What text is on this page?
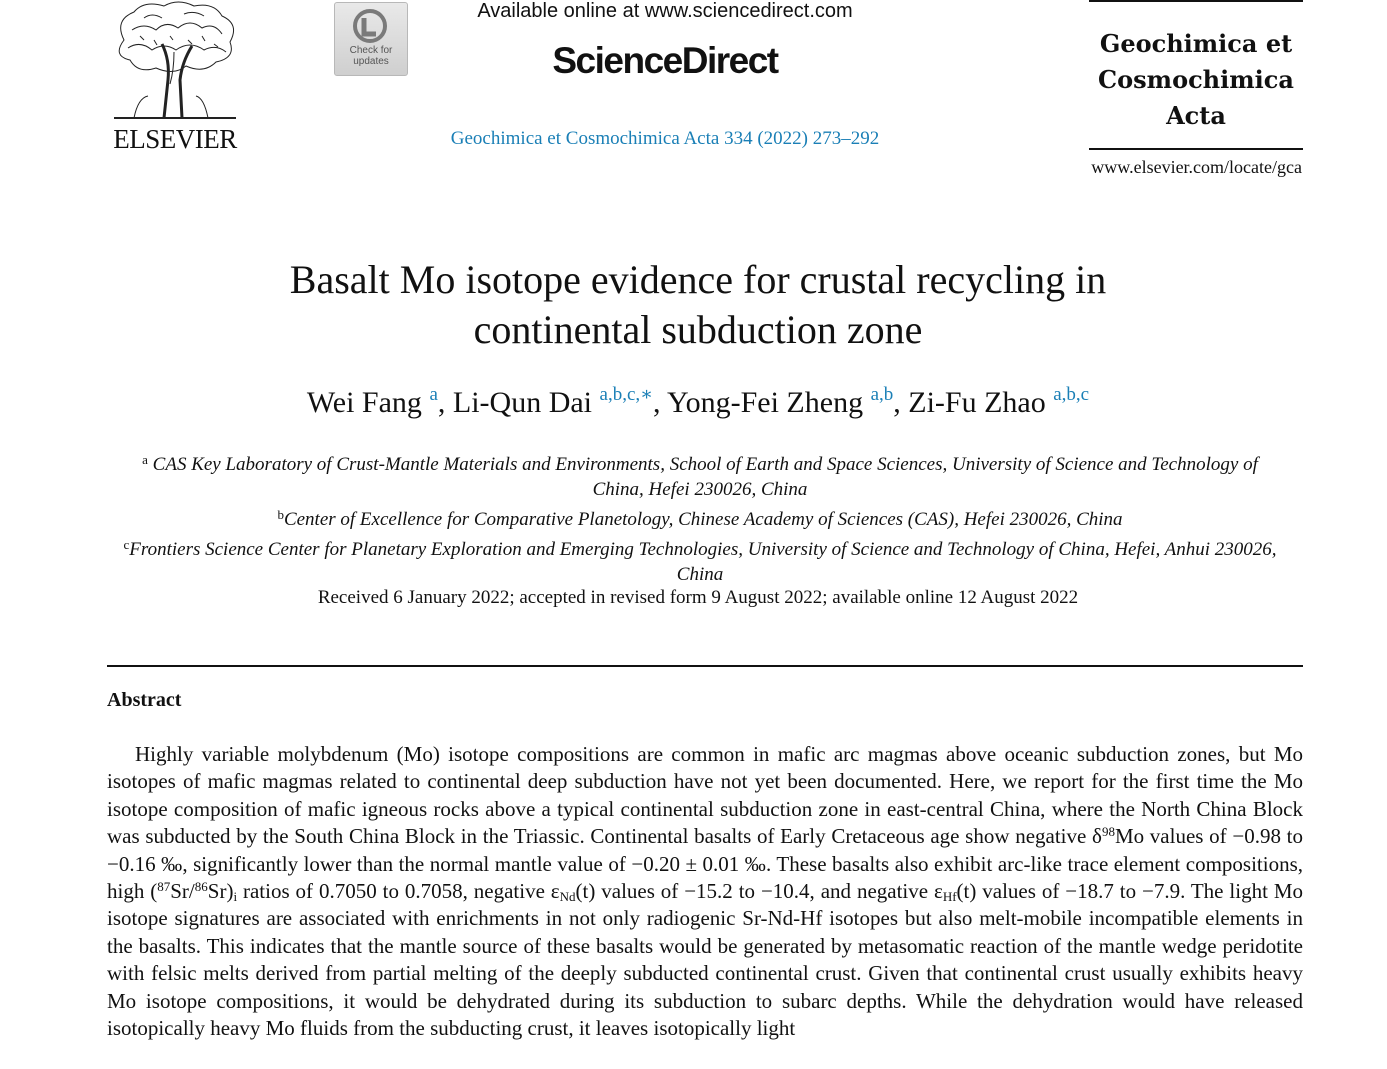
ELSEVIER
Check for updates
Available online at www.sciencedirect.com
ScienceDirect
Geochimica et Cosmochimica Acta 334 (2022) 273–292
Geochimica et
Cosmochimica
Acta
www.elsevier.com/locate/gca
Basalt Mo isotope evidence for crustal recycling in
continental subduction zone
Wei Fang $^a$, Li-Qun Dai $^{a,b,c,∗}$, Yong-Fei Zheng $^{a,b}$, Zi-Fu Zhao $^{a,b,c}$
$^a$ CAS Key Laboratory of Crust-Mantle Materials and Environments, School of Earth and Space Sciences, University of Science and Technology of China, Hefei 230026, China
$^b$Center of Excellence for Comparative Planetology, Chinese Academy of Sciences (CAS), Hefei 230026, China
$^c$Frontiers Science Center for Planetary Exploration and Emerging Technologies, University of Science and Technology of China, Hefei, Anhui 230026, China
Received 6 January 2022; accepted in revised form 9 August 2022; available online 12 August 2022
Abstract

Highly variable molybdenum (Mo) isotope compositions are common in mafic arc magmas above oceanic subduction zones, but Mo isotopes of mafic magmas related to continental deep subduction have not yet been documented. Here, we report for the first time the Mo isotope composition of mafic igneous rocks above a typical continental subduction zone in east-central China, where the North China Block was subducted by the South China Block in the Triassic. Continental basalts of Early Cretaceous age show negative $\delta^{98}Mo$ values of −0.98 to −0.16 ‰, significantly lower than the normal mantle value of −0.20 ± 0.01 ‰. These basalts also exhibit arc-like trace element compositions, high $(^{87}Sr/^{86}Sr)_i$ ratios of 0.7050 to 0.7058, negative $\varepsilon_{Nd}(t)$ values of −15.2 to −10.4, and negative $\varepsilon_{Hf}(t)$ values of −18.7 to −7.9. The light Mo isotope signatures are associated with enrichments in not only radiogenic Sr-Nd-Hf isotopes but also melt-mobile incompatible elements in the basalts. This indicates that the mantle source of these basalts would be generated by metasomatic reaction of the mantle wedge peridotite with felsic melts derived from partial melting of the deeply subducted continental crust. Given that continental crust usually exhibits heavy Mo isotope compositions, it would be dehydrated during its subduction to subarc depths. While the dehydration would have released isotopically heavy Mo fluids from the subducting crust, it leaves isotopically light
